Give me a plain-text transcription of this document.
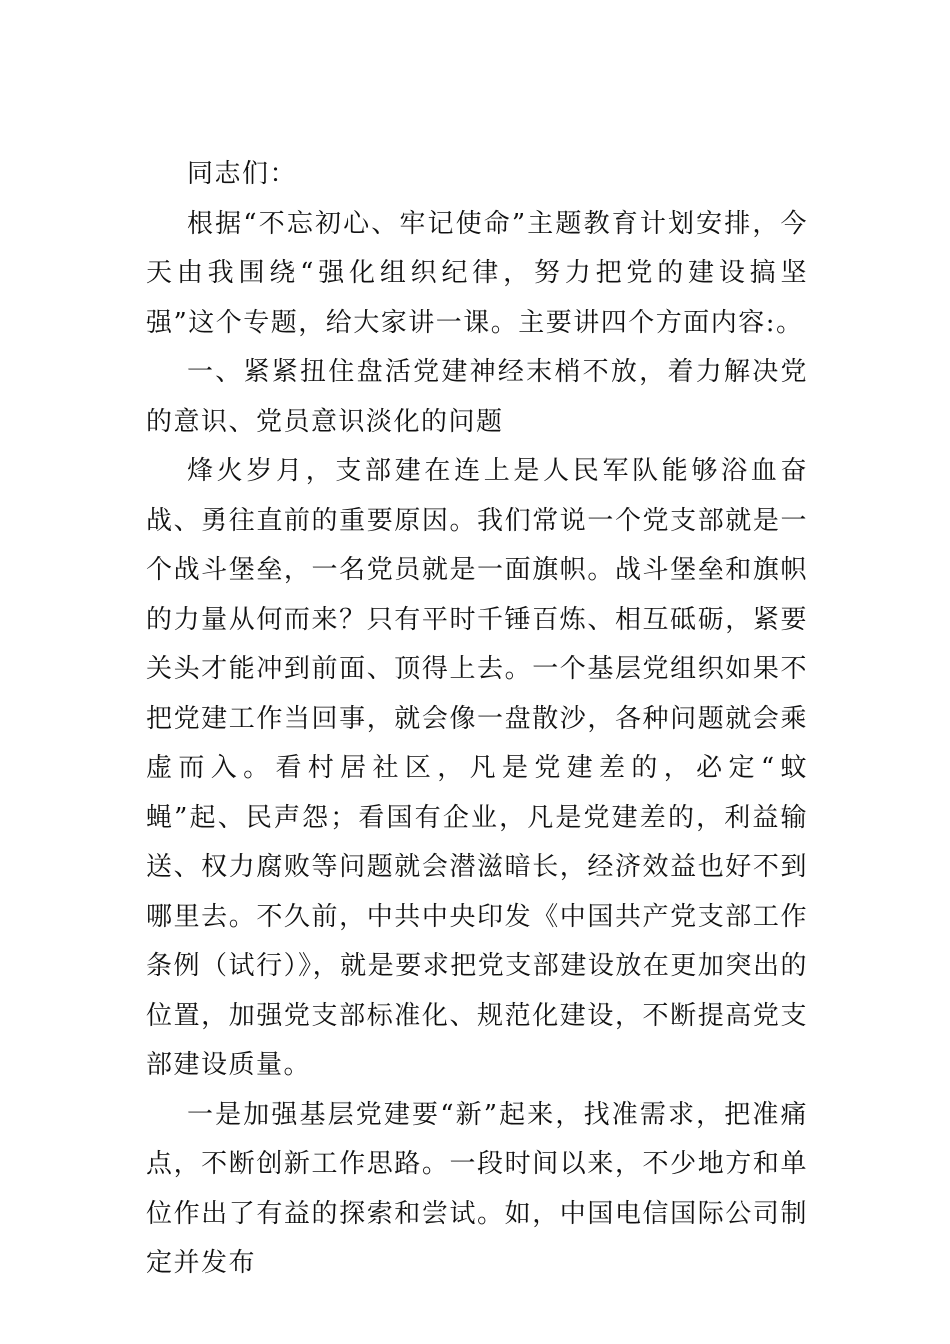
同志们：

根据“不忘初心、牢记使命”主题教育计划安排，今天由我围绕“强化组织纪律，努力把党的建设搞坚强”这个专题，给大家讲一课。主要讲四个方面内容:。

一、紧紧扭住盘活党建神经末梢不放，着力解决党的意识、党员意识淡化的问题

烽火岁月，支部建在连上是人民军队能够浴血奋战、勇往直前的重要原因。我们常说一个党支部就是一个战斗堡垒，一名党员就是一面旗帜。战斗堡垒和旗帜的力量从何而来？只有平时千锤百炼、相互砥砺，紧要关头才能冲到前面、顶得上去。一个基层党组织如果不把党建工作当回事，就会像一盘散沙，各种问题就会乘虚而入。看村居社区，凡是党建差的，必定“蚊蝇”起、民声怨；看国有企业，凡是党建差的，利益输送、权力腐败等问题就会潜滋暗长，经济效益也好不到哪里去。不久前，中共中央印发《中国共产党支部工作条例（试行）》，就是要求把党支部建设放在更加突出的位置，加强党支部标准化、规范化建设，不断提高党支部建设质量。

一是加强基层党建要“新”起来，找准需求，把准痛点，不断创新工作思路。一段时间以来，不少地方和单位作出了有益的探索和尝试。如，中国电信国际公司制定并发布
